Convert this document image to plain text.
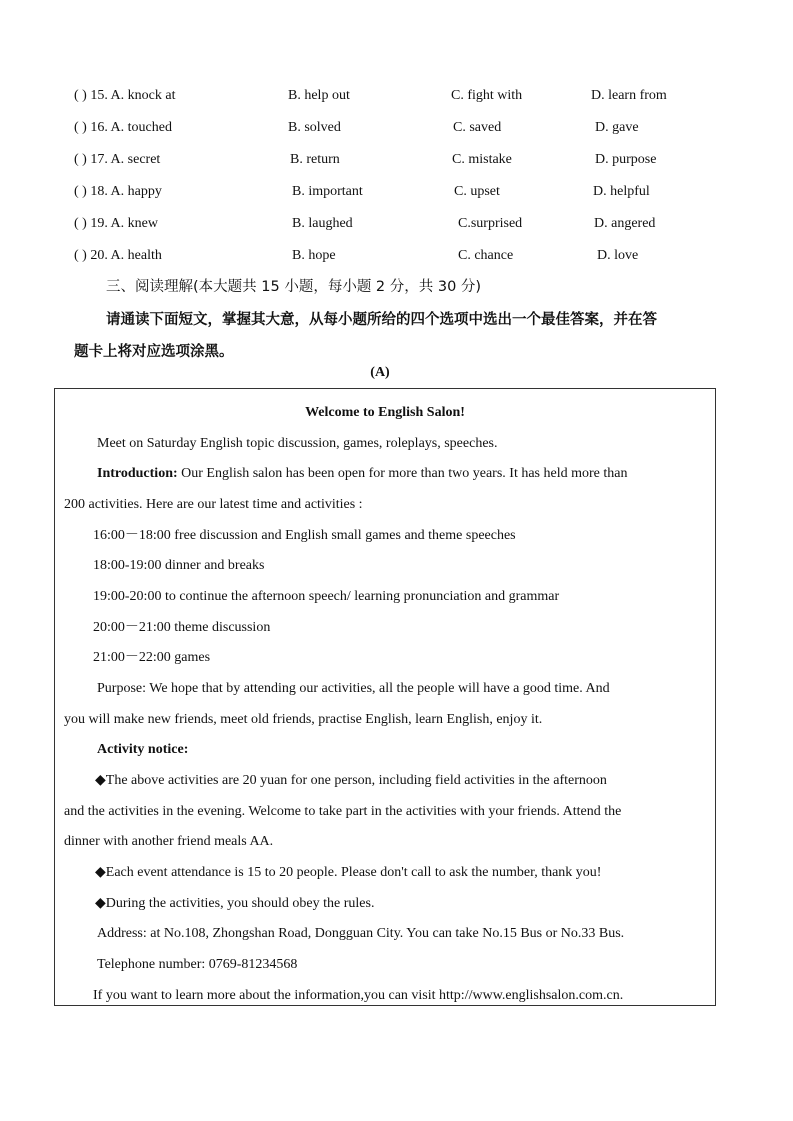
( ) 15. A. knock at	B. help out	C. fight with	D. learn from
( ) 16. A. touched	B. solved	C. saved	D. gave
( ) 17. A. secret	B. return	C. mistake	D. purpose
( ) 18. A. happy	B. important	C. upset	D. helpful
( ) 19. A. knew	B. laughed	C.surprised	D. angered
( ) 20. A. health	B. hope	C. chance	D. love
三、阅读理解(本大题共 15 小题，每小题 2 分，共 30 分)
请通读下面短文，掌握其大意，从每小题所给的四个选项中选出一个最佳答案，并在答
题卡上将对应选项涂黑。
(A)
Welcome to English Salon!
Meet on Saturday English topic discussion, games, roleplays, speeches.
Introduction: Our English salon has been open for more than two years. It has held more than
200 activities. Here are our latest time and activities :
16:00－18:00 free discussion and English small games and theme speeches
18:00-19:00 dinner and breaks
19:00-20:00 to continue the afternoon speech/ learning pronunciation and grammar
20:00－21:00 theme discussion
21:00－22:00 games
Purpose: We hope that by attending our activities, all the people will have a good time. And
you will make new friends, meet old friends, practise English, learn English, enjoy it.
Activity notice:
◆The above activities are 20 yuan for one person, including field activities in the afternoon
and the activities in the evening. Welcome to take part in the activities with your friends. Attend the
dinner with another friend meals AA.
◆Each event attendance is 15 to 20 people. Please don't call to ask the number, thank you!
◆During the activities, you should obey the rules.
Address: at No.108, Zhongshan Road, Dongguan City. You can take No.15 Bus or No.33 Bus.
Telephone number: 0769-81234568
If you want to learn more about the information,you can visit http://www.englishsalon.com.cn.
